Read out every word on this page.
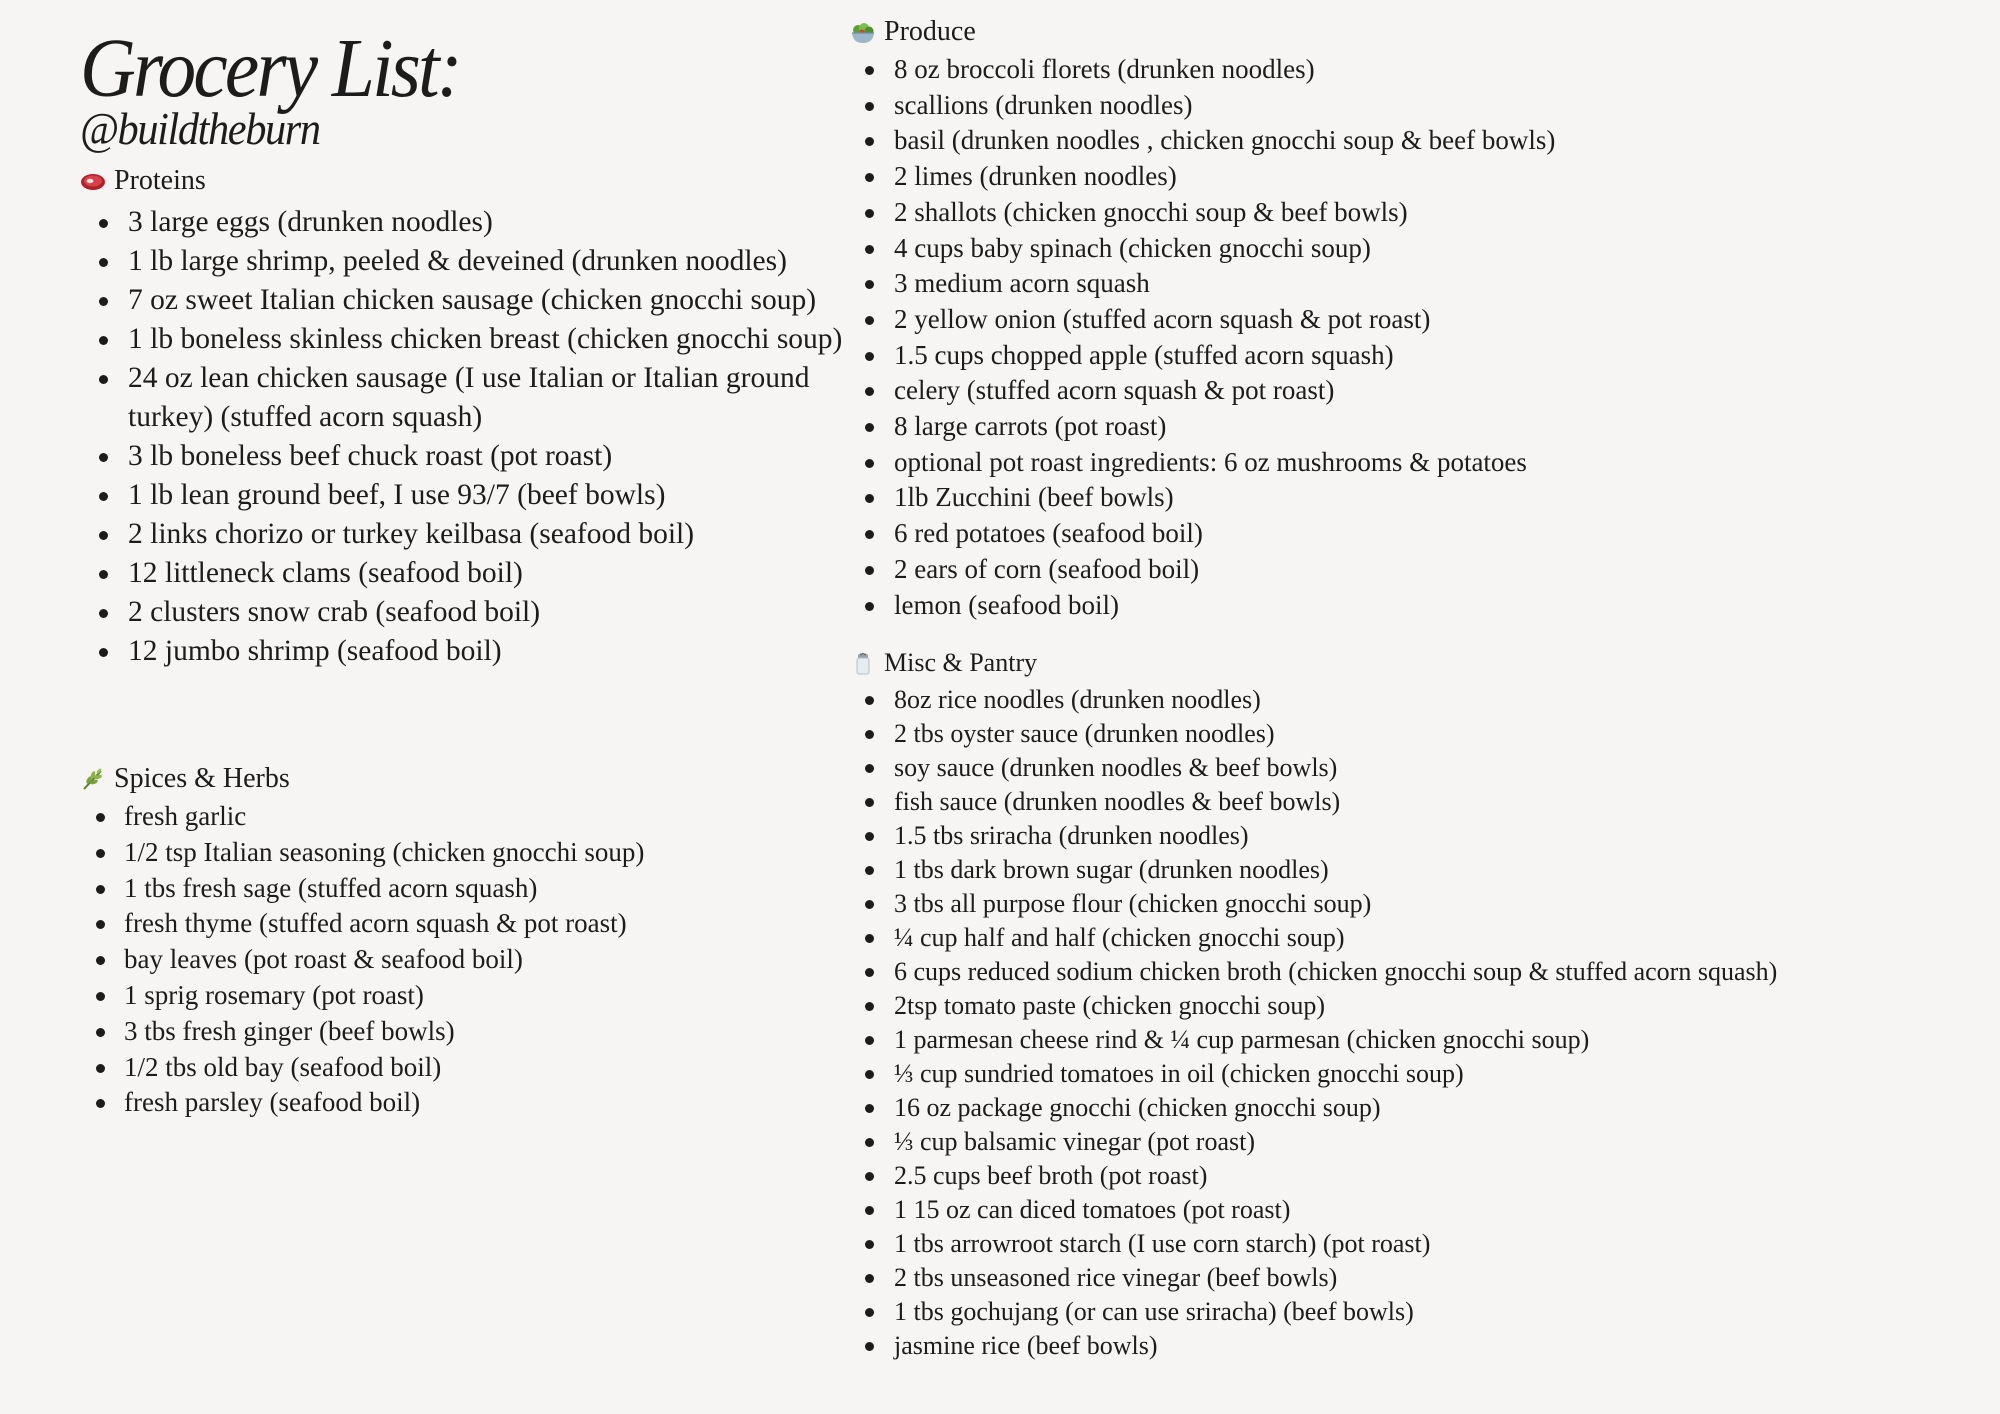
Grocery List:
@buildtheburn
Proteins
3 large eggs (drunken noodles)
1 lb large shrimp, peeled & deveined (drunken noodles)
7 oz sweet Italian chicken sausage (chicken gnocchi soup)
1 lb boneless skinless chicken breast (chicken gnocchi soup)
24 oz lean chicken sausage (I use Italian or Italian ground turkey) (stuffed acorn squash)
3 lb boneless beef chuck roast (pot roast)
1 lb lean ground beef, I use 93/7 (beef bowls)
2 links chorizo or turkey keilbasa (seafood boil)
12 littleneck clams (seafood boil)
2 clusters snow crab (seafood boil)
12 jumbo shrimp (seafood boil)
Spices & Herbs
fresh garlic
1/2 tsp Italian seasoning (chicken gnocchi soup)
1 tbs fresh sage (stuffed acorn squash)
fresh thyme (stuffed acorn squash & pot roast)
bay leaves (pot roast & seafood boil)
1 sprig rosemary (pot roast)
3 tbs fresh ginger (beef bowls)
1/2 tbs old bay (seafood boil)
fresh parsley (seafood boil)
Produce
8 oz broccoli florets (drunken noodles)
scallions (drunken noodles)
basil (drunken noodles , chicken gnocchi soup & beef bowls)
2 limes (drunken noodles)
2 shallots (chicken gnocchi soup & beef bowls)
4 cups baby spinach (chicken gnocchi soup)
3 medium acorn squash
2 yellow onion (stuffed acorn squash & pot roast)
1.5 cups chopped apple (stuffed acorn squash)
celery (stuffed acorn squash & pot roast)
8 large carrots (pot roast)
optional pot roast ingredients: 6 oz mushrooms & potatoes
1lb Zucchini (beef bowls)
6 red potatoes (seafood boil)
2 ears of corn (seafood boil)
lemon (seafood boil)
Misc & Pantry
8oz rice noodles (drunken noodles)
2 tbs oyster sauce (drunken noodles)
soy sauce (drunken noodles & beef bowls)
fish sauce (drunken noodles & beef bowls)
1.5 tbs sriracha (drunken noodles)
1 tbs dark brown sugar (drunken noodles)
3 tbs all purpose flour (chicken gnocchi soup)
¼ cup half and half (chicken gnocchi soup)
6 cups reduced sodium chicken broth (chicken gnocchi soup & stuffed acorn squash)
2tsp tomato paste (chicken gnocchi soup)
1 parmesan cheese rind & ¼ cup parmesan (chicken gnocchi soup)
⅓ cup sundried tomatoes in oil (chicken gnocchi soup)
16 oz package gnocchi (chicken gnocchi soup)
⅓ cup balsamic vinegar (pot roast)
2.5 cups beef broth (pot roast)
1 15 oz can diced tomatoes (pot roast)
1 tbs arrowroot starch (I use corn starch) (pot roast)
2 tbs unseasoned rice vinegar (beef bowls)
1 tbs gochujang (or can use sriracha) (beef bowls)
jasmine rice (beef bowls)
